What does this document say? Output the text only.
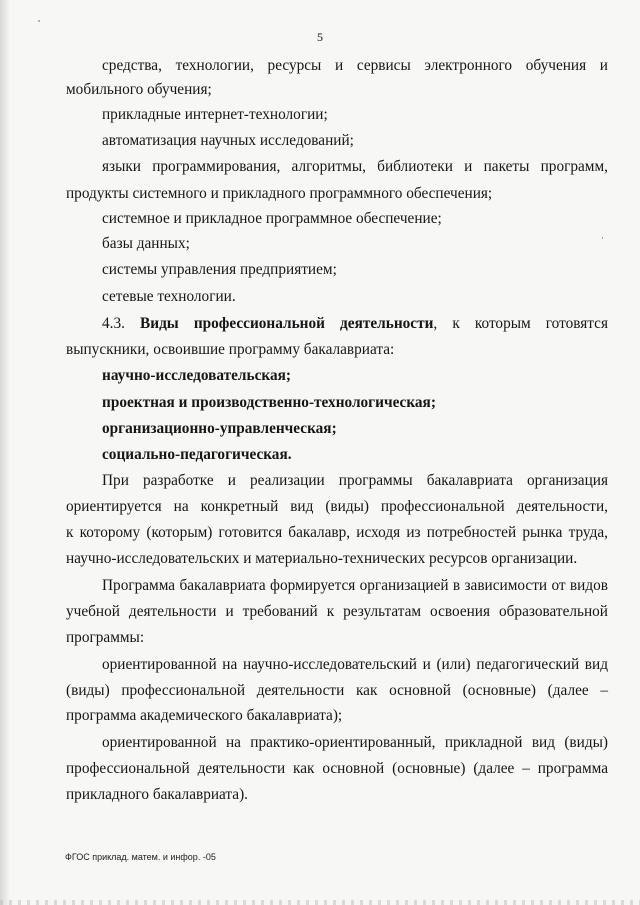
5
средства, технологии, ресурсы и сервисы электронного обучения и
мобильного обучения;
прикладные интернет-технологии;
автоматизация научных исследований;
языки программирования, алгоритмы, библиотеки и пакеты программ,
продукты системного и прикладного программного обеспечения;
системное и прикладное программное обеспечение;
базы данных;
системы управления предприятием;
сетевые технологии.
4.3. Виды профессиональной деятельности, к которым готовятся
выпускники, освоившие программу бакалавриата:
научно-исследовательская;
проектная и производственно-технологическая;
организационно-управленческая;
социально-педагогическая.
При разработке и реализации программы бакалавриата организация
ориентируется на конкретный вид (виды) профессиональной деятельности,
к которому (которым) готовится бакалавр, исходя из потребностей рынка труда,
научно-исследовательских и материально-технических ресурсов организации.
Программа бакалавриата формируется организацией в зависимости от видов
учебной деятельности и требований к результатам освоения образовательной
программы:
ориентированной на научно-исследовательский и (или) педагогический вид
(виды) профессиональной деятельности как основной (основные) (далее –
программа академического бакалавриата);
ориентированной на практико-ориентированный, прикладной вид (виды)
профессиональной деятельности как основной (основные) (далее – программа
прикладного бакалавриата).
ФГОС приклад. матем. и инфор. -05
